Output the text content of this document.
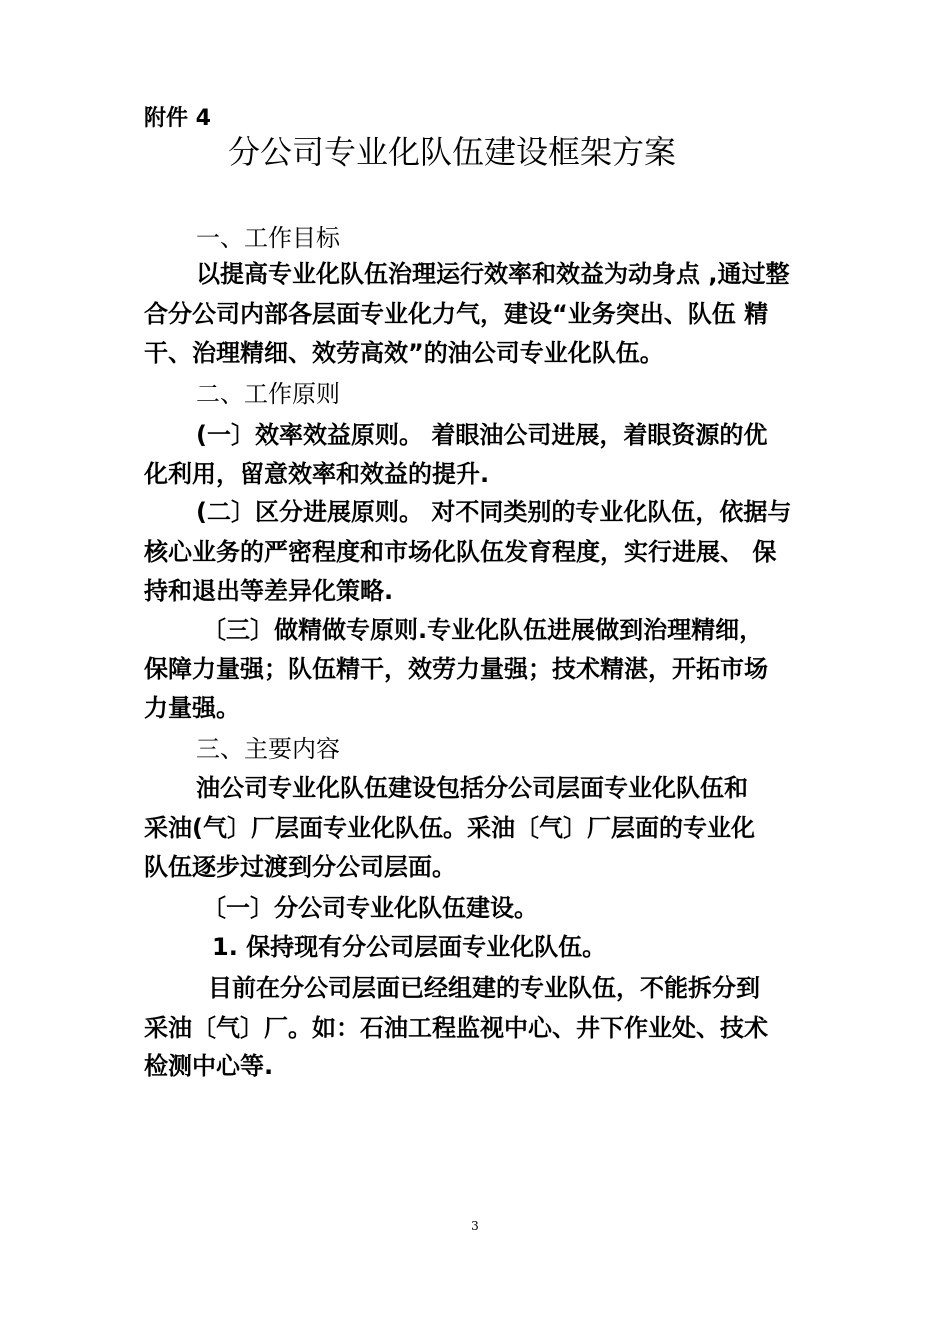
附件 4
分公司专业化队伍建设框架方案
一、工作目标
以提高专业化队伍治理运行效率和效益为动身点 ,通过整
合分公司内部各层面专业化力气，建设“业务突出、队伍 精
干、治理精细、效劳高效”的油公司专业化队伍。
二、工作原则
(一〕效率效益原则。 着眼油公司进展，着眼资源的优
化利用，留意效率和效益的提升.
(二〕区分进展原则。 对不同类别的专业化队伍，依据与
核心业务的严密程度和市场化队伍发育程度，实行进展、 保
持和退出等差异化策略.
〔三〕做精做专原则.专业化队伍进展做到治理精细，
保障力量强；队伍精干，效劳力量强；技术精湛，开拓市场
力量强。
三、主要内容
油公司专业化队伍建设包括分公司层面专业化队伍和
采油(气〕厂层面专业化队伍。采油〔气〕厂层面的专业化
队伍逐步过渡到分公司层面。
〔一〕分公司专业化队伍建设。
1. 保持现有分公司层面专业化队伍。
目前在分公司层面已经组建的专业队伍，不能拆分到
采油〔气〕厂。如：石油工程监视中心、井下作业处、技术
检测中心等.
3
